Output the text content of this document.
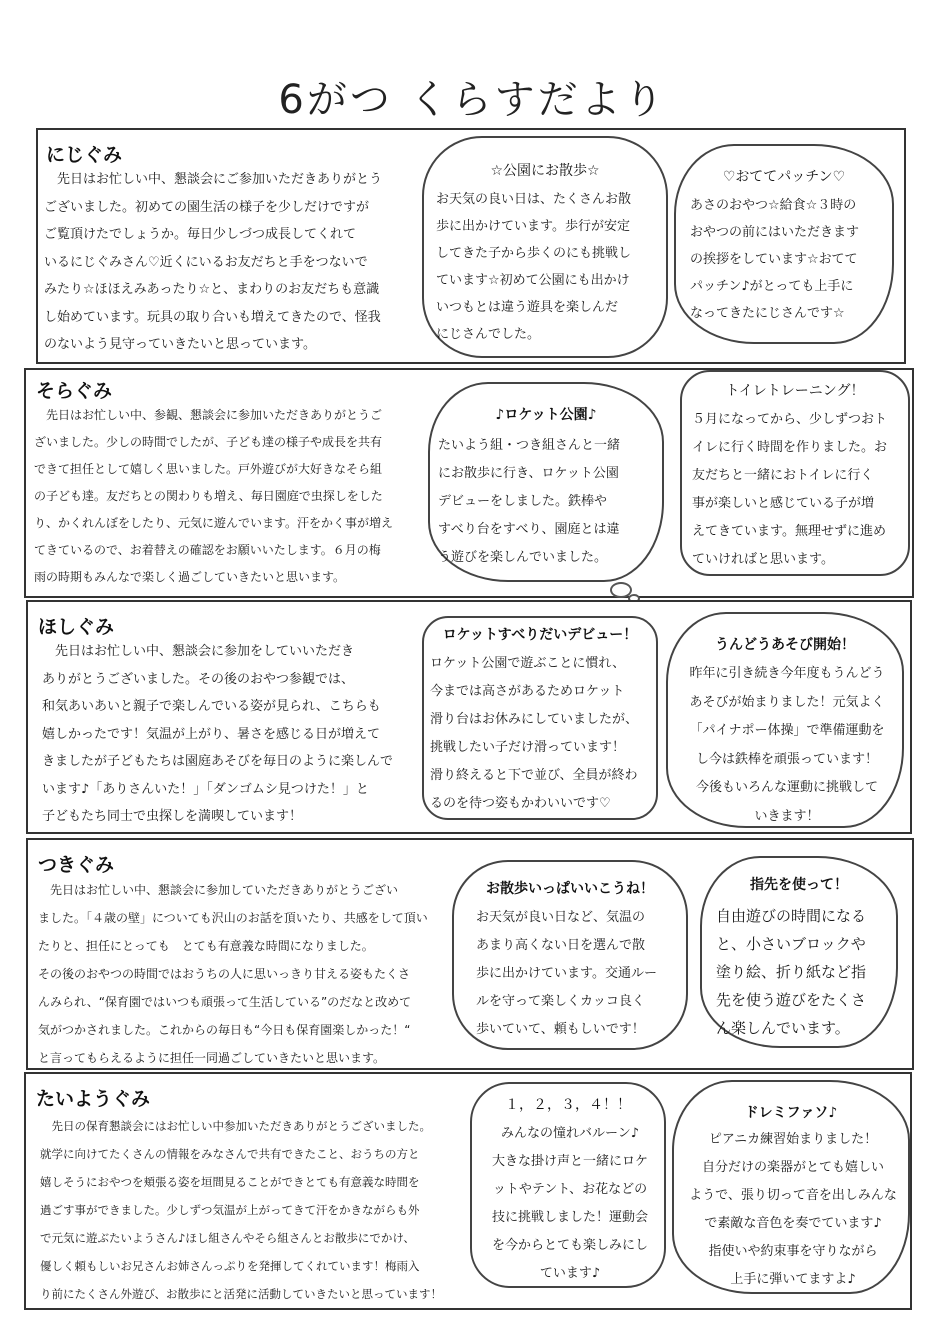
6がつ くらすだより
にじぐみ
　先日はお忙しい中、懇談会にご参加いただきありがとう
ございました。初めての園生活の様子を少しだけですが
ご覧頂けたでしょうか。毎日少しづつ成長してくれて
いるにじぐみさん♡近くにいるお友だちと手をつないで
みたり☆ほほえみあったり☆と、まわりのお友だちも意識
し始めています。玩具の取り合いも増えてきたので、怪我
のないよう見守っていきたいと思っています。
☆公園にお散歩☆
お天気の良い日は、たくさんお散
歩に出かけています。歩行が安定
してきた子から歩くのにも挑戦し
ています☆初めて公園にも出かけ
いつもとは違う遊具を楽しんだ
にじさんでした。
♡おててパッチン♡
あさのおやつ☆給食☆３時の
おやつの前にはいただきます
の挨拶をしています☆おてて
パッチン♪がとっても上手に
なってきたにじさんです☆
そらぐみ
　先日はお忙しい中、参観、懇談会に参加いただきありがとうご
ざいました。少しの時間でしたが、子ども達の様子や成長を共有
できて担任として嬉しく思いました。戸外遊びが大好きなそら組
の子ども達。友だちとの関わりも増え、毎日園庭で虫探しをした
り、かくれんぼをしたり、元気に遊んでいます。汗をかく事が増え
てきているので、お着替えの確認をお願いいたします。６月の梅
雨の時期もみんなで楽しく過ごしていきたいと思います。
♪ロケット公園♪
たいよう組・つき組さんと一緒
にお散歩に行き、ロケット公園
デビューをしました。鉄棒や
すべり台をすべり、園庭とは違
う遊びを楽しんでいました。
トイレトレーニング！
５月になってから、少しずつおト
イレに行く時間を作りました。お
友だちと一緒におトイレに行く
事が楽しいと感じている子が増
えてきています。無理せずに進め
ていければと思います。
ほしぐみ
　先日はお忙しい中、懇談会に参加をしていいただき
ありがとうございました。その後のおやつ参観では、
和気あいあいと親子で楽しんでいる姿が見られ、こちらも
嬉しかったです！気温が上がり、暑さを感じる日が増えて
きましたが子どもたちは園庭あそびを毎日のように楽しんで
います♪「ありさんいた！」「ダンゴムシ見つけた！」と
子どもたち同士で虫探しを満喫しています！
ロケットすべりだいデビュー！
ロケット公園で遊ぶことに慣れ、
今までは高さがあるためロケット
滑り台はお休みにしていましたが、
挑戦したい子だけ滑っています！
滑り終えると下で並び、全員が終わ
るのを待つ姿もかわいいです♡
うんどうあそび開始！
昨年に引き続き今年度もうんどう
あそびが始まりました！元気よく
「パイナポー体操」で準備運動を
し今は鉄棒を頑張っています！
今後もいろんな運動に挑戦して
いきます！
つきぐみ
　先日はお忙しい中、懇談会に参加していただきありがとうござい
ました。「４歳の壁」についても沢山のお話を頂いたり、共感をして頂い
たりと、担任にとっても　とても有意義な時間になりました。
その後のおやつの時間ではおうちの人に思いっきり甘える姿もたくさ
んみられ、“保育園ではいつも頑張って生活している”のだなと改めて
気がつかされました。これからの毎日も“今日も保育園楽しかった！“
と言ってもらえるように担任一同過ごしていきたいと思います。
お散歩いっぱいいこうね！
お天気が良い日など、気温の
あまり高くない日を選んで散
歩に出かけています。交通ルー
ルを守って楽しくカッコ良く
歩いていて、頼もしいです！
指先を使って！
自由遊びの時間になる
と、小さいブロックや
塗り絵、折り紙など指
先を使う遊びをたくさ
ん楽しんでいます。
たいようぐみ
　先日の保育懇談会にはお忙しい中参加いただきありがとうございました。
就学に向けてたくさんの情報をみなさんで共有できたこと、おうちの方と
嬉しそうにおやつを頬張る姿を垣間見ることができとても有意義な時間を
過ごす事ができました。少しずつ気温が上がってきて汗をかきながらも外
で元気に遊ぶたいようさん♪ほし組さんやそら組さんとお散歩にでかけ、
優しく頼もしいお兄さんお姉さんっぷりを発揮してくれています！梅雨入
り前にたくさん外遊び、お散歩にと活発に活動していきたいと思っています！
１，２，３，４！！
みんなの憧れバルーン♪
大きな掛け声と一緒にロケ
ットやテント、お花などの
技に挑戦しました！運動会
を今からとても楽しみにし
ています♪
ドレミファソ♪
ピアニカ練習始まりました！
自分だけの楽器がとても嬉しい
ようで、張り切って音を出しみんな
で素敵な音色を奏でています♪
指使いや約束事を守りながら
上手に弾いてますよ♪
